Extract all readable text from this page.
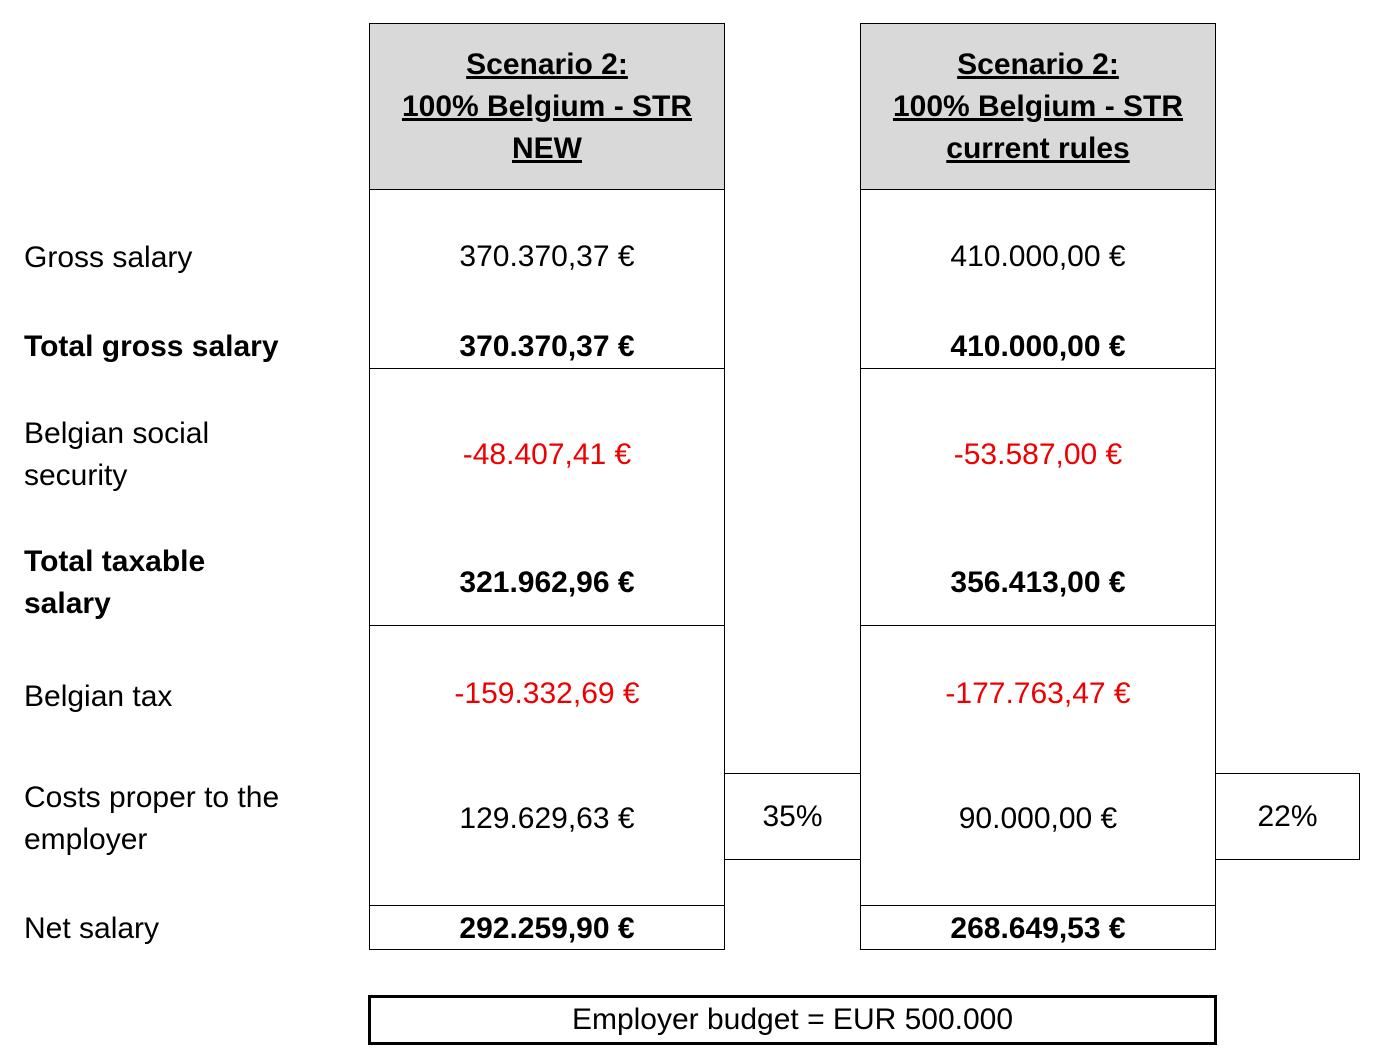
Gross salary
Total gross salary
Belgian social
security
Total taxable
salary
Belgian tax
Costs proper to the
employer
Net salary
Scenario 2:
100% Belgium - STR
NEW
370.370,37 €
370.370,37 €
-48.407,41 €
321.962,96 €
-159.332,69 €
129.629,63 €
292.259,90 €
35%
Scenario 2:
100% Belgium - STR
current rules
410.000,00 €
410.000,00 €
-53.587,00 €
356.413,00 €
-177.763,47 €
90.000,00 €
268.649,53 €
22%
Employer budget = EUR 500.000
